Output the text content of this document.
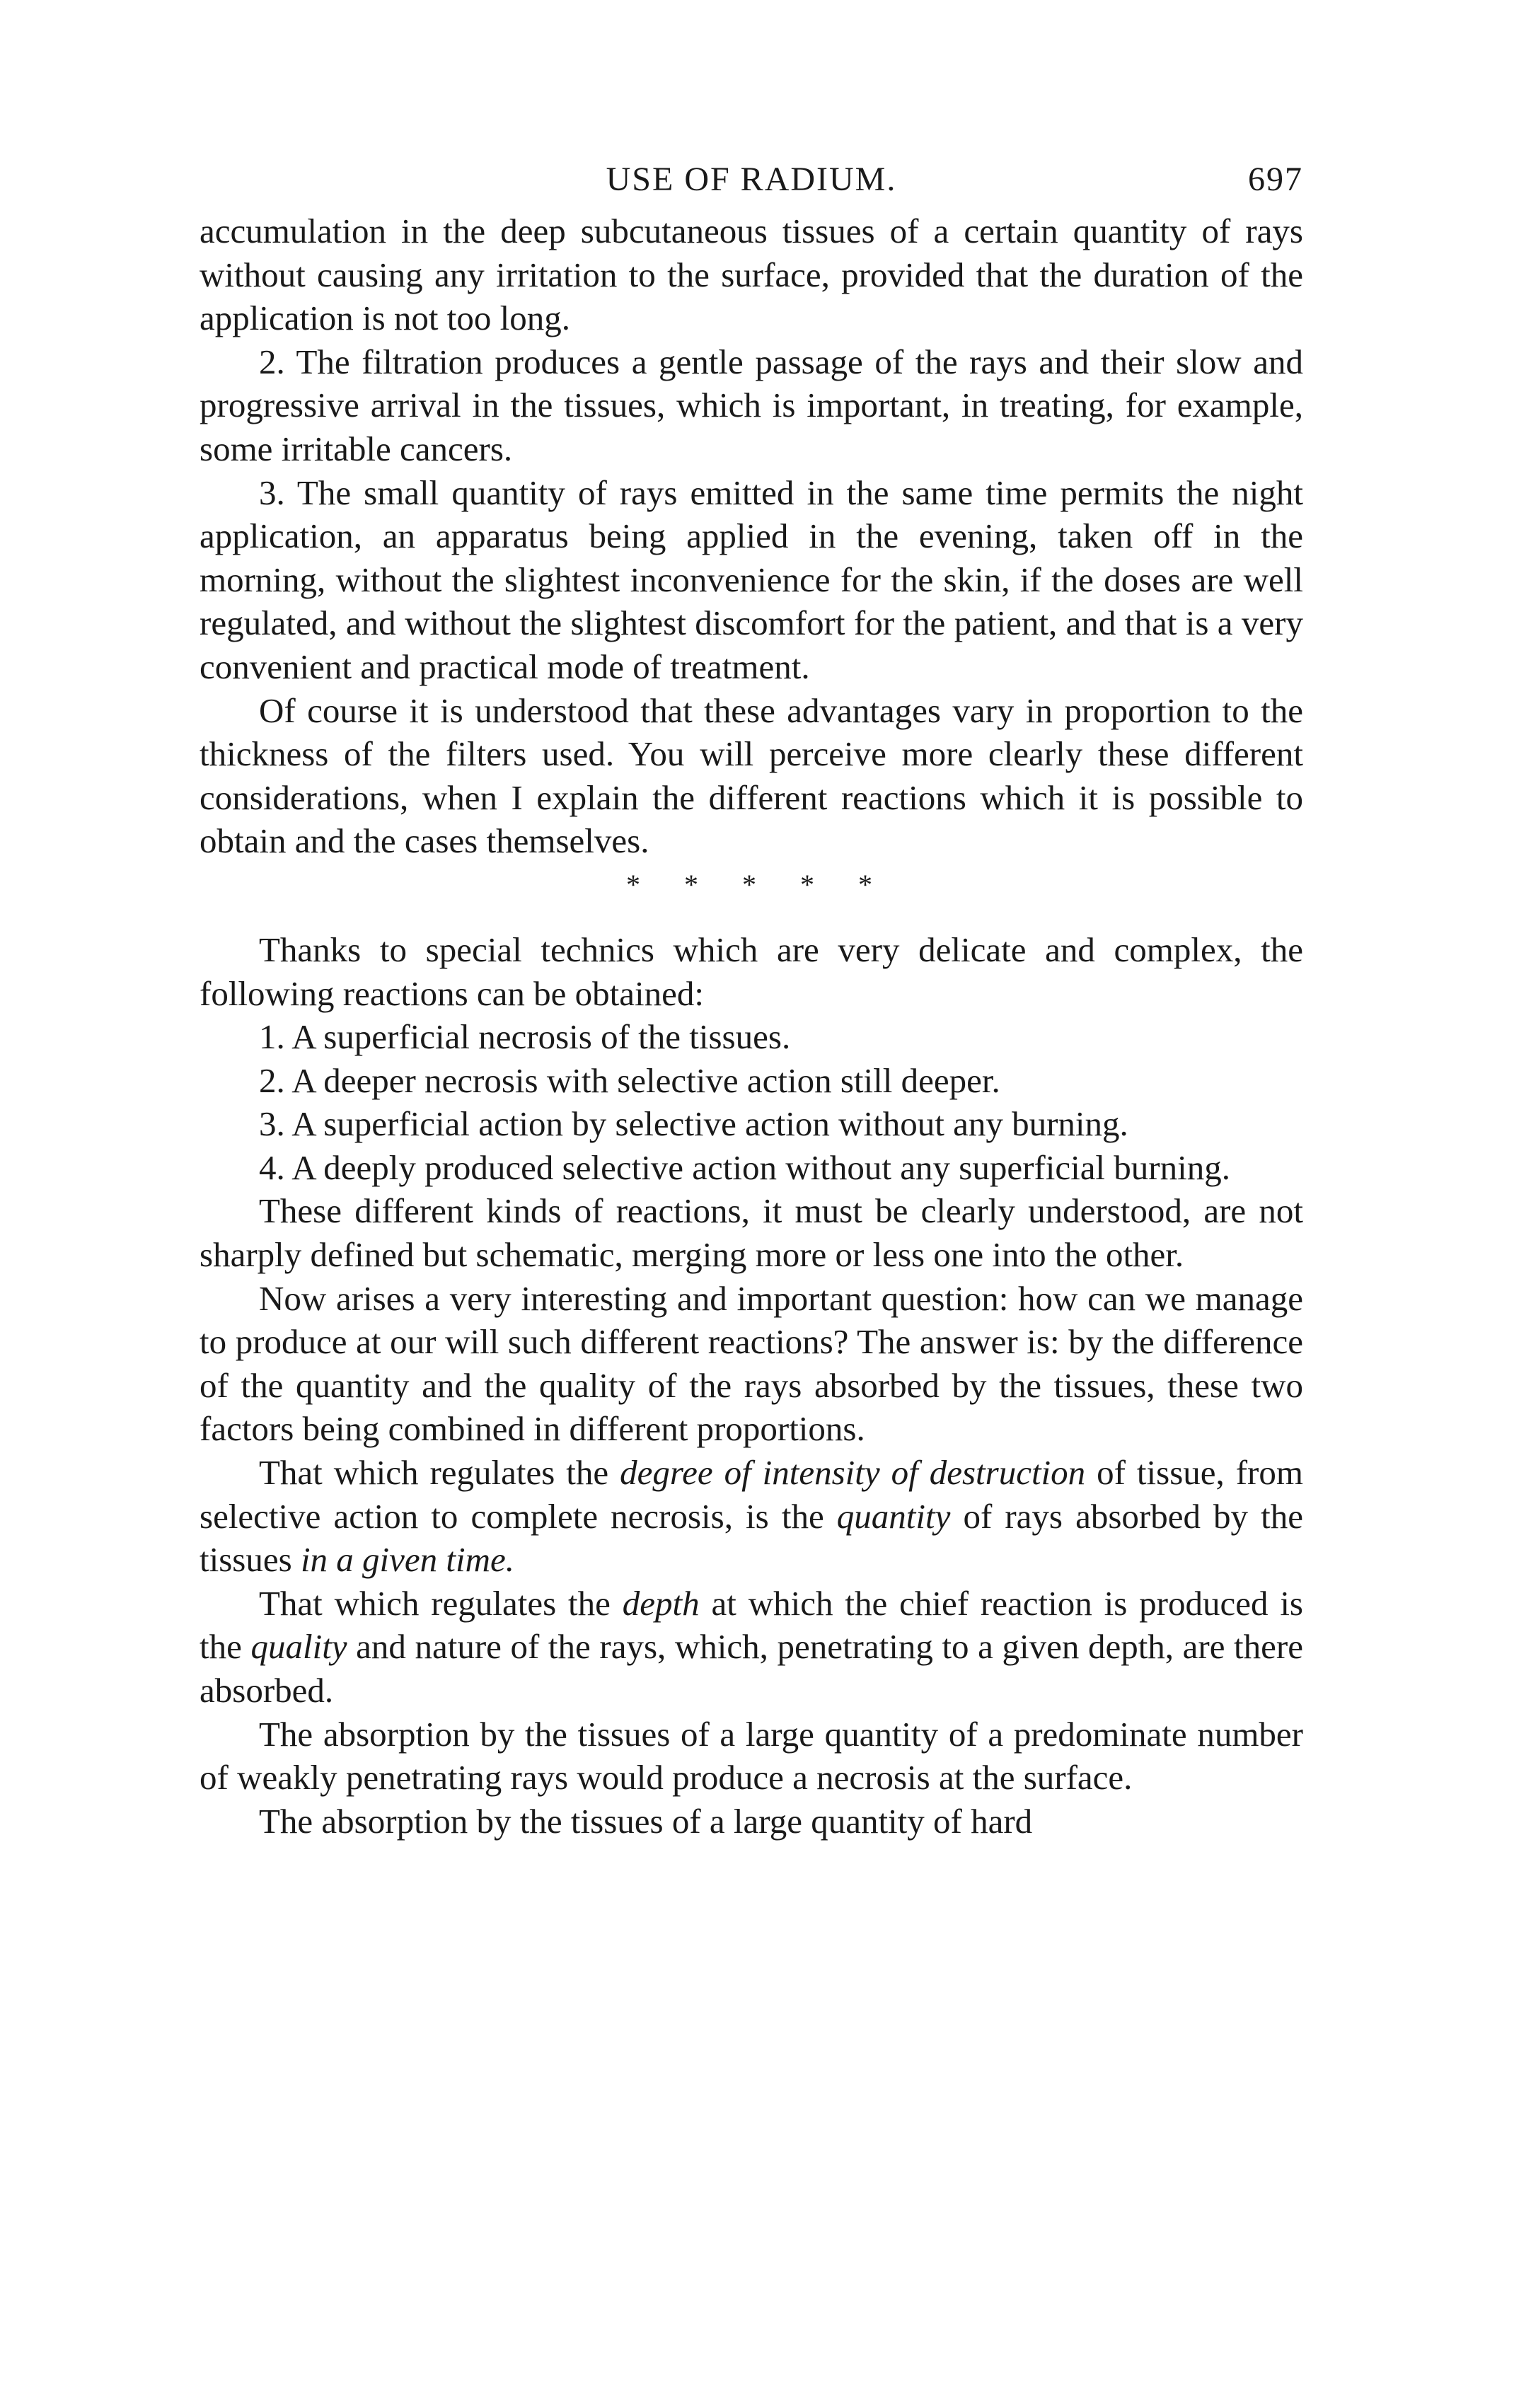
USE OF RADIUM.	697

accumulation in the deep subcutaneous tissues of a certain quantity of rays without causing any irritation to the surface, provided that the duration of the application is not too long.

2. The filtration produces a gentle passage of the rays and their slow and progressive arrival in the tissues, which is important, in treating, for example, some irritable cancers.

3. The small quantity of rays emitted in the same time permits the night application, an apparatus being applied in the evening, taken off in the morning, without the slightest inconvenience for the skin, if the doses are well regulated, and without the slightest discomfort for the patient, and that is a very convenient and practical mode of treatment.

Of course it is understood that these advantages vary in proportion to the thickness of the filters used. You will perceive more clearly these different considerations, when I explain the different reactions which it is possible to obtain and the cases themselves.

* * * * *

Thanks to special technics which are very delicate and complex, the following reactions can be obtained:

1. A superficial necrosis of the tissues.

2. A deeper necrosis with selective action still deeper.

3. A superficial action by selective action without any burning.

4. A deeply produced selective action without any superficial burning.

These different kinds of reactions, it must be clearly understood, are not sharply defined but schematic, merging more or less one into the other.

Now arises a very interesting and important question: how can we manage to produce at our will such different reactions? The answer is: by the difference of the quantity and the quality of the rays absorbed by the tissues, these two factors being combined in different proportions.

That which regulates the degree of intensity of destruction of tissue, from selective action to complete necrosis, is the quantity of rays absorbed by the tissues in a given time.

That which regulates the depth at which the chief reaction is produced is the quality and nature of the rays, which, penetrating to a given depth, are there absorbed.

The absorption by the tissues of a large quantity of a predominate number of weakly penetrating rays would produce a necrosis at the surface.

The absorption by the tissues of a large quantity of hard
